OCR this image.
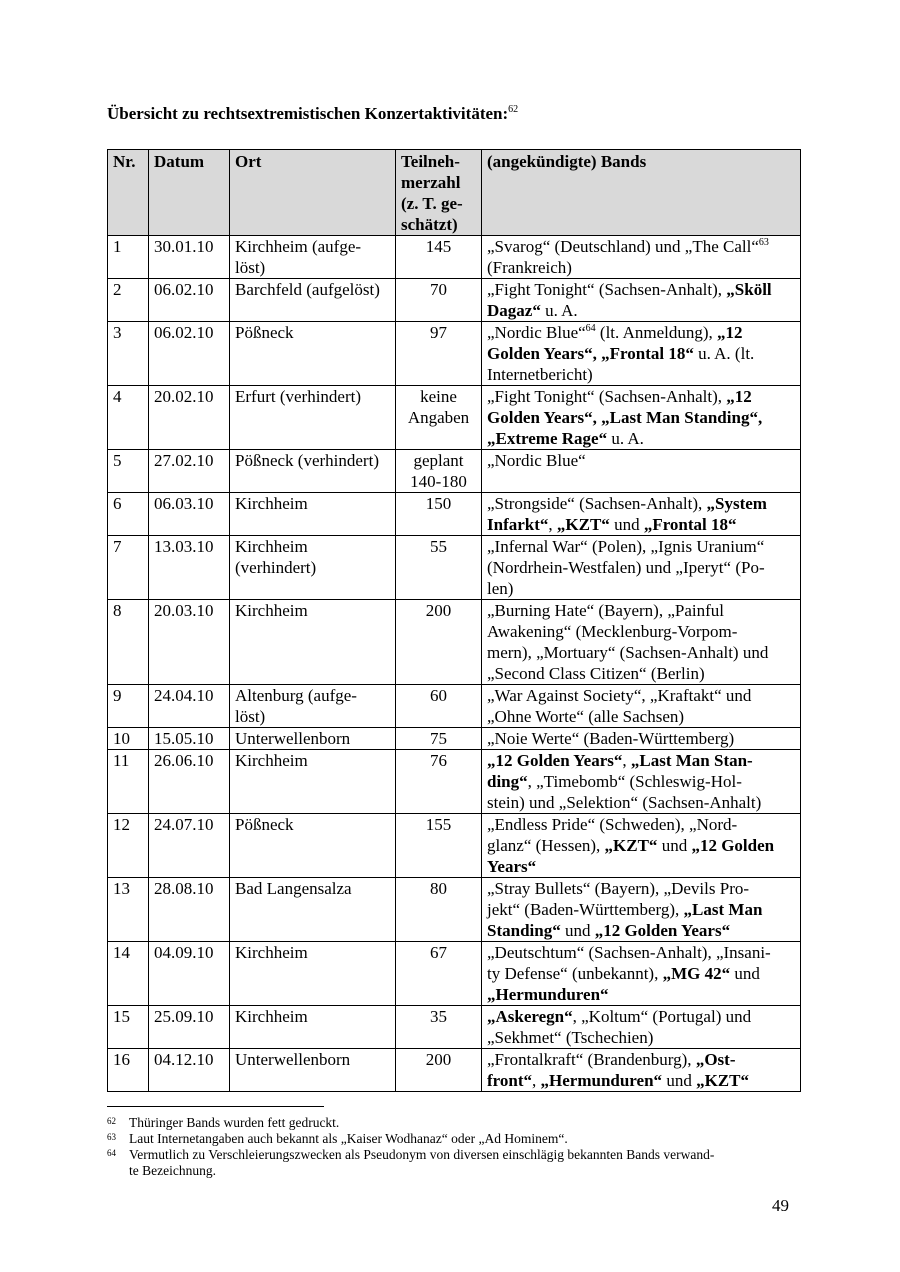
Übersicht zu rechtsextremistischen Konzertaktivitäten:$^{62}$
Nr.	Datum	Ort	Teilneh-
merzahl
(z. T. ge-
schätzt)	(angekündigte) Bands
1	30.01.10	Kirchheim (aufge-
löst)	145	„Svarog“ (Deutschland) und „The Call“$^{63}$
(Frankreich)
2	06.02.10	Barchfeld (aufgelöst)	70	„Fight Tonight“ (Sachsen-Anhalt), „Sköll
Dagaz“ u. A.
3	06.02.10	Pößneck	97	„Nordic Blue“$^{64}$ (lt. Anmeldung), „12
Golden Years“, „Frontal 18“ u. A. (lt.
Internetbericht)
4	20.02.10	Erfurt (verhindert)	keine
Angaben	„Fight Tonight“ (Sachsen-Anhalt), „12
Golden Years“, „Last Man Standing“,
„Extreme Rage“ u. A.
5	27.02.10	Pößneck (verhindert)	geplant
140-180	„Nordic Blue“
6	06.03.10	Kirchheim	150	„Strongside“ (Sachsen-Anhalt), „System
Infarkt“, „KZT“ und „Frontal 18“
7	13.03.10	Kirchheim
(verhindert)	55	„Infernal War“ (Polen), „Ignis Uranium“
(Nordrhein-Westfalen) und „Iperyt“ (Po-
len)
8	20.03.10	Kirchheim	200	„Burning Hate“ (Bayern), „Painful
Awakening“ (Mecklenburg-Vorpom-
mern), „Mortuary“ (Sachsen-Anhalt) und
„Second Class Citizen“ (Berlin)
9	24.04.10	Altenburg (aufge-
löst)	60	„War Against Society“, „Kraftakt“ und
„Ohne Worte“ (alle Sachsen)
10	15.05.10	Unterwellenborn	75	„Noie Werte“ (Baden-Württemberg)
11	26.06.10	Kirchheim	76	„12 Golden Years“, „Last Man Stan-
ding“, „Timebomb“ (Schleswig-Hol-
stein) und „Selektion“ (Sachsen-Anhalt)
12	24.07.10	Pößneck	155	„Endless Pride“ (Schweden), „Nord-
glanz“ (Hessen), „KZT“ und „12 Golden
Years“
13	28.08.10	Bad Langensalza	80	„Stray Bullets“ (Bayern), „Devils Pro-
jekt“ (Baden-Württemberg), „Last Man
Standing“ und „12 Golden Years“
14	04.09.10	Kirchheim	67	„Deutschtum“ (Sachsen-Anhalt), „Insani-
ty Defense“ (unbekannt), „MG 42“ und
„Hermunduren“
15	25.09.10	Kirchheim	35	„Askeregn“, „Koltum“ (Portugal) und
„Sekhmet“ (Tschechien)
16	04.12.10	Unterwellenborn	200	„Frontalkraft“ (Brandenburg), „Ost-
front“, „Hermunduren“ und „KZT“
62 Thüringer Bands wurden fett gedruckt.
63 Laut Internetangaben auch bekannt als „Kaiser Wodhanaz“ oder „Ad Hominem“.
64 Vermutlich zu Verschleierungszwecken als Pseudonym von diversen einschlägig bekannten Bands verwand-
te Bezeichnung.
49
